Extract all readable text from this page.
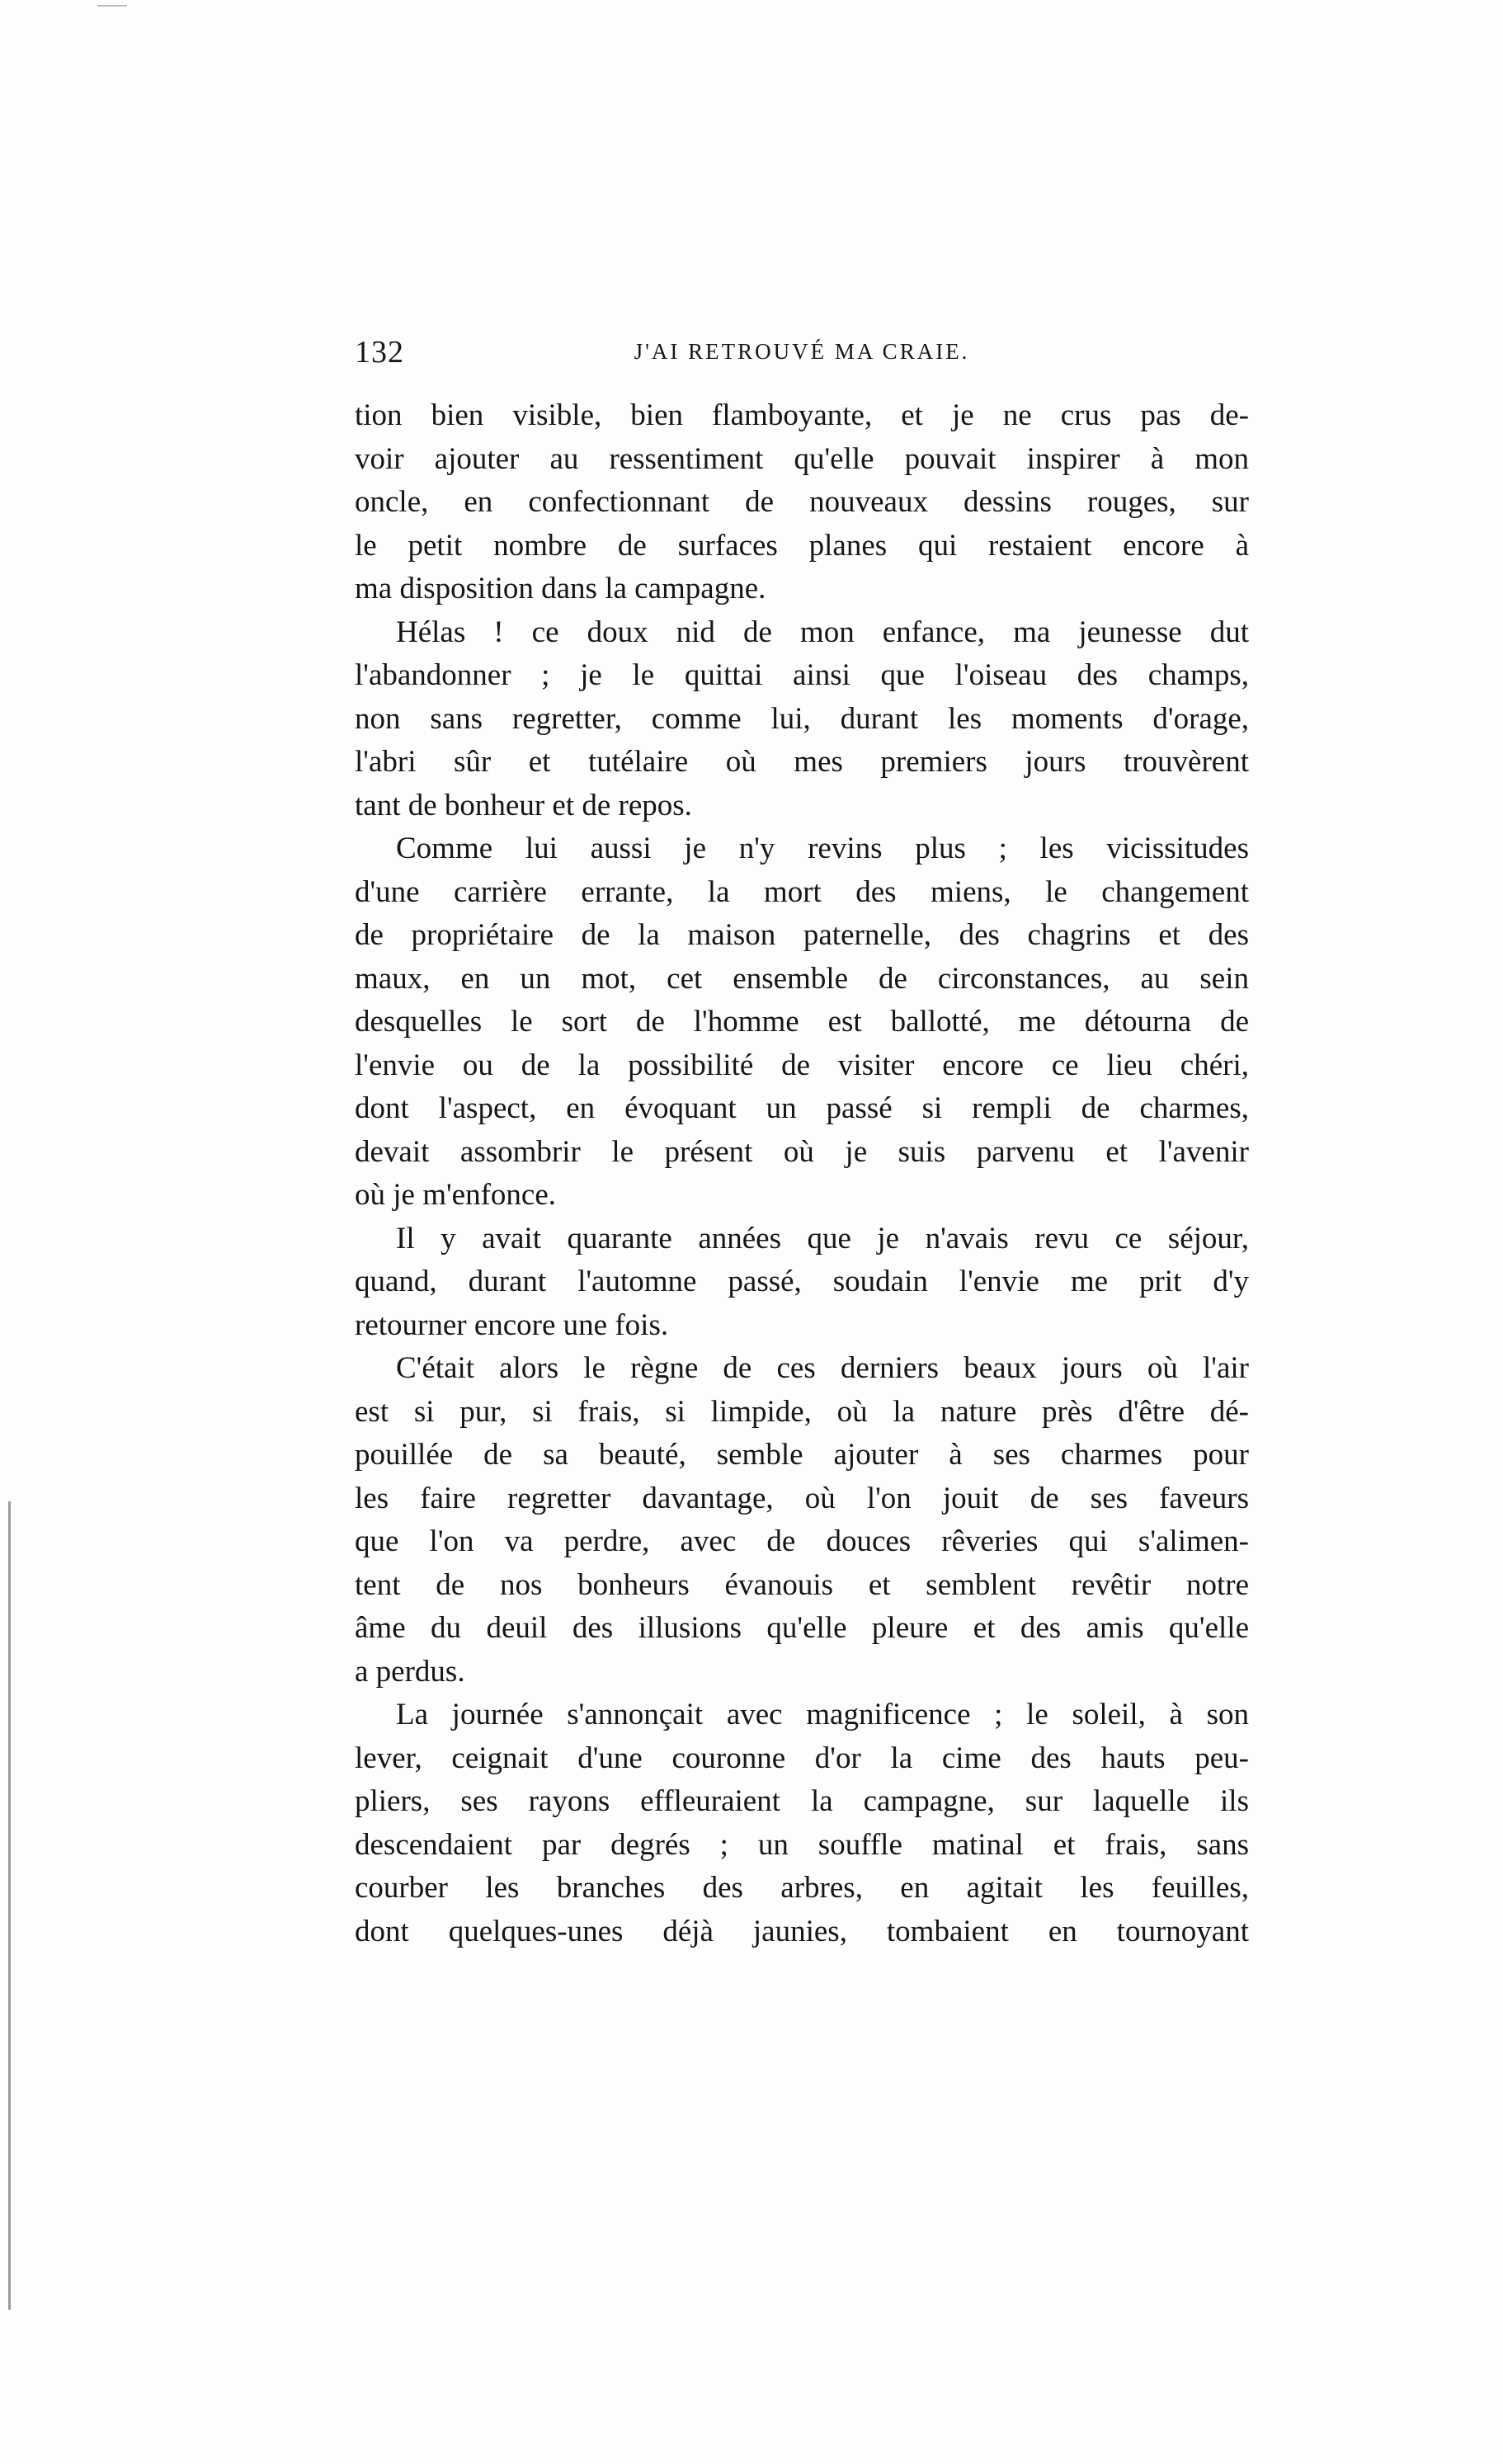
132	J'AI RETROUVÉ MA CRAIE.
tion bien visible, bien flamboyante, et je ne crus pas de-
voir ajouter au ressentiment qu'elle pouvait inspirer à mon
oncle, en confectionnant de nouveaux dessins rouges, sur
le petit nombre de surfaces planes qui restaient encore à
ma disposition dans la campagne.
Hélas ! ce doux nid de mon enfance, ma jeunesse dut
l'abandonner ; je le quittai ainsi que l'oiseau des champs,
non sans regretter, comme lui, durant les moments d'orage,
l'abri sûr et tutélaire où mes premiers jours trouvèrent
tant de bonheur et de repos.
Comme lui aussi je n'y revins plus ; les vicissitudes
d'une carrière errante, la mort des miens, le changement
de propriétaire de la maison paternelle, des chagrins et des
maux, en un mot, cet ensemble de circonstances, au sein
desquelles le sort de l'homme est ballotté, me détourna de
l'envie ou de la possibilité de visiter encore ce lieu chéri,
dont l'aspect, en évoquant un passé si rempli de charmes,
devait assombrir le présent où je suis parvenu et l'avenir
où je m'enfonce.
Il y avait quarante années que je n'avais revu ce séjour,
quand, durant l'automne passé, soudain l'envie me prit d'y
retourner encore une fois.
C'était alors le règne de ces derniers beaux jours où l'air
est si pur, si frais, si limpide, où la nature près d'être dé-
pouillée de sa beauté, semble ajouter à ses charmes pour
les faire regretter davantage, où l'on jouit de ses faveurs
que l'on va perdre, avec de douces rêveries qui s'alimen-
tent de nos bonheurs évanouis et semblent revêtir notre
âme du deuil des illusions qu'elle pleure et des amis qu'elle
a perdus.
La journée s'annonçait avec magnificence ; le soleil, à son
lever, ceignait d'une couronne d'or la cime des hauts peu-
pliers, ses rayons effleuraient la campagne, sur laquelle ils
descendaient par degrés ; un souffle matinal et frais, sans
courber les branches des arbres, en agitait les feuilles,
dont quelques-unes déjà jaunies, tombaient en tournoyant
